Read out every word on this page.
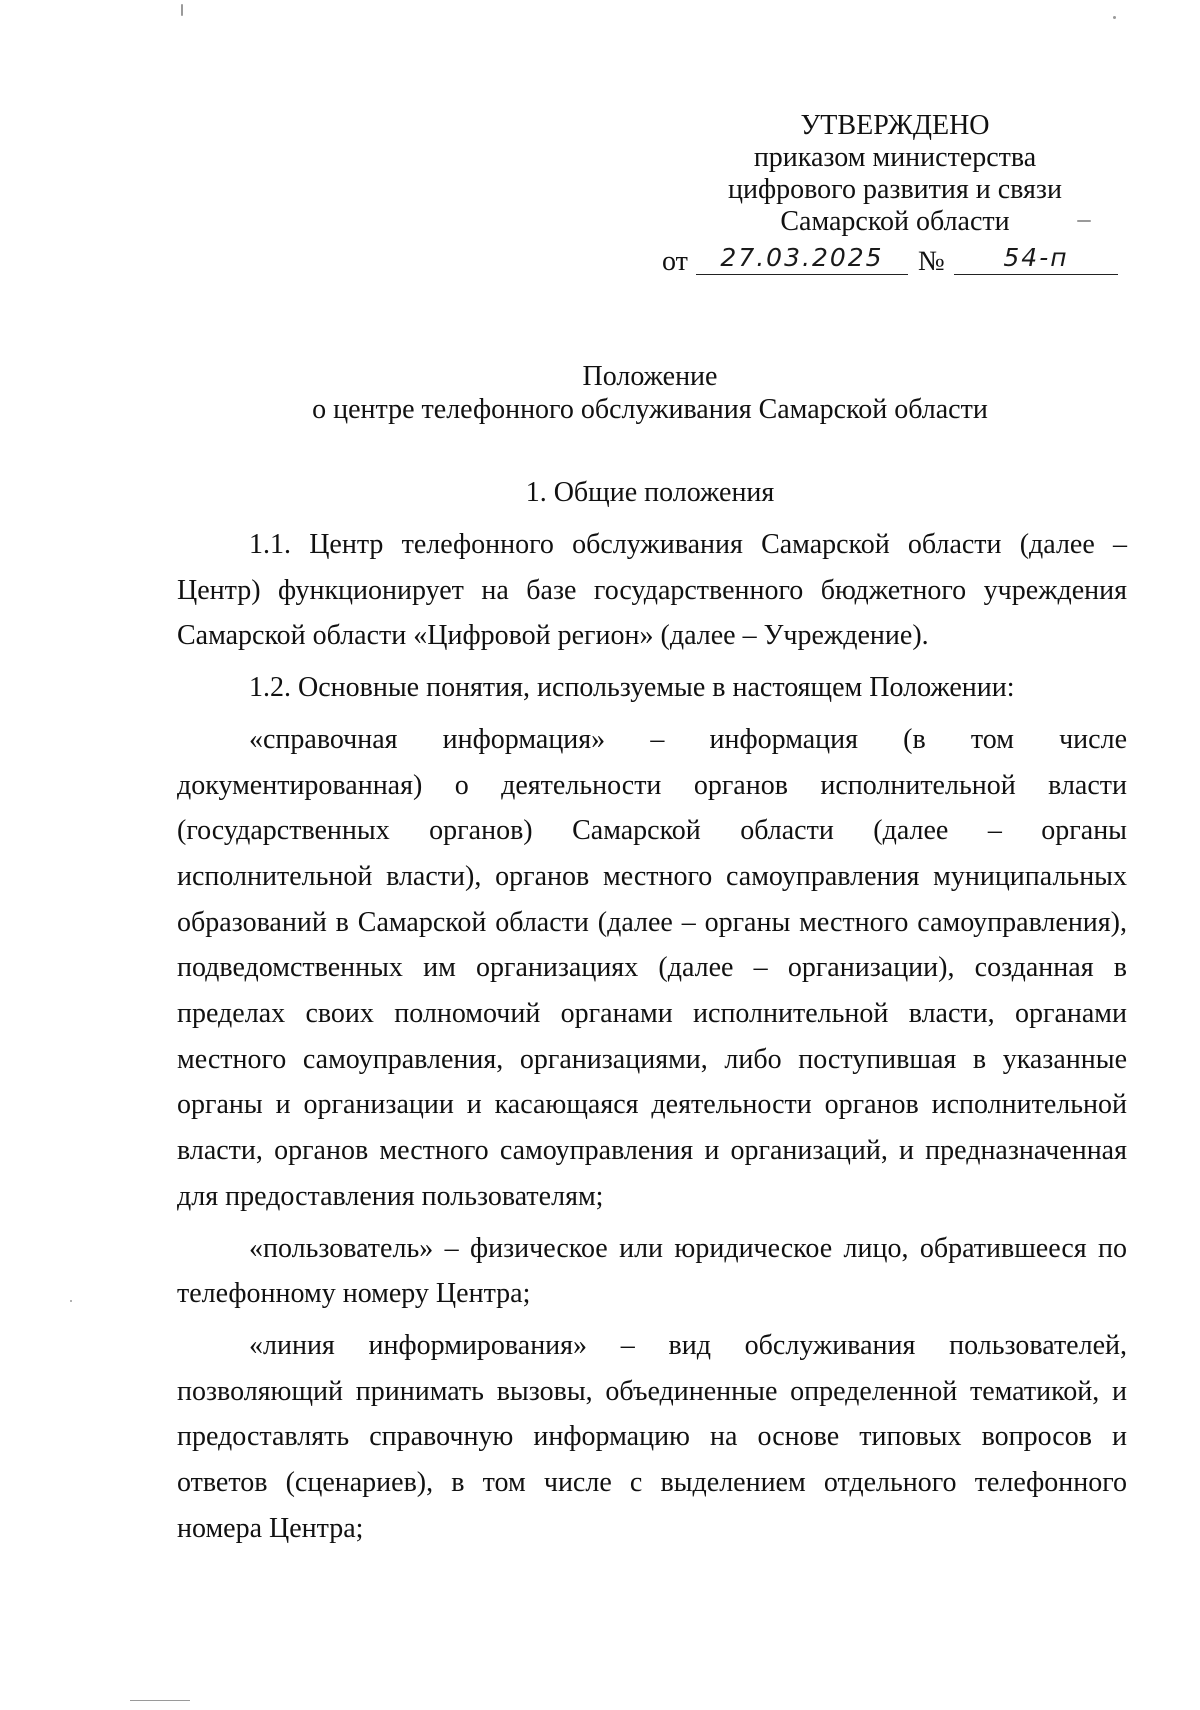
УТВЕРЖДЕНО
приказом министерства
цифрового развития и связи
Самарской области
от	27.03.2025	№	54-п
Положение
о центре телефонного обслуживания Самарской области
1. Общие положения

1.1. Центр телефонного обслуживания Самарской области (далее – Центр) функционирует на базе государственного бюджетного учреждения Самарской области «Цифровой регион» (далее – Учреждение).

1.2. Основные понятия, используемые в настоящем Положении:

«справочная информация» – информация (в том числе документированная) о деятельности органов исполнительной власти (государственных органов) Самарской области (далее – органы исполнительной власти), органов местного самоуправления муниципальных образований в Самарской области (далее – органы местного самоуправления), подведомственных им организациях (далее – организации), созданная в пределах своих полномочий органами исполнительной власти, органами местного самоуправления, организациями, либо поступившая в указанные органы и организации и касающаяся деятельности органов исполнительной власти, органов местного самоуправления и организаций, и предназначенная для предоставления пользователям;

«пользователь» – физическое или юридическое лицо, обратившееся по телефонному номеру Центра;

«линия информирования» – вид обслуживания пользователей, позволяющий принимать вызовы, объединенные определенной тематикой, и предоставлять справочную информацию на основе типовых вопросов и ответов (сценариев), в том числе с выделением отдельного телефонного номера Центра;
